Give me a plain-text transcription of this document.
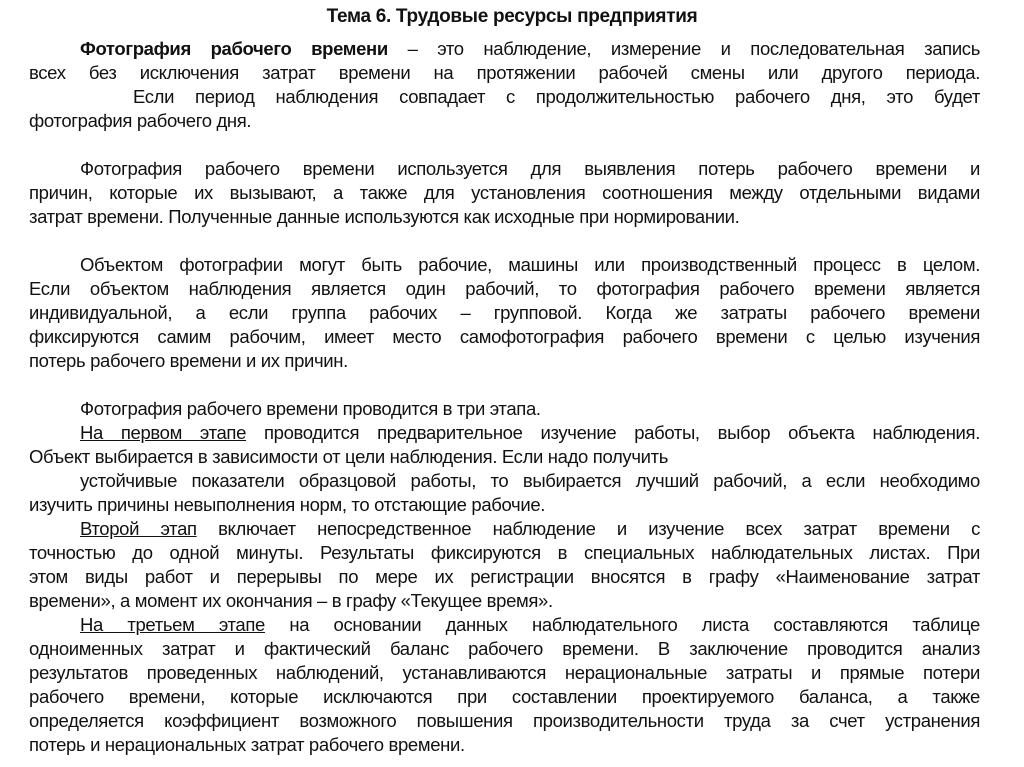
Тема 6. Трудовые ресурсы предприятия
Фотография рабочего времени – это наблюдение, измерение и последовательная запись
всех без исключения затрат времени на протяжении рабочей смены или другого периода.
Если период наблюдения совпадает с продолжительностью рабочего дня, это будет
фотография рабочего дня.
Фотография рабочего времени используется для выявления потерь рабочего времени и
причин, которые их вызывают, а также для установления соотношения между отдельными видами
затрат времени. Полученные данные используются как исходные при нормировании.
Объектом фотографии могут быть рабочие, машины или производственный процесс в целом.
Если объектом наблюдения является один рабочий, то фотография рабочего времени является
индивидуальной, а если группа рабочих – групповой. Когда же затраты рабочего времени
фиксируются самим рабочим, имеет место самофотография рабочего времени с целью изучения
потерь рабочего времени и их причин.
Фотография рабочего времени проводится в три этапа.
На первом этапе проводится предварительное изучение работы, выбор объекта наблюдения.
Объект выбирается в зависимости от цели наблюдения. Если надо получить
устойчивые показатели образцовой работы, то выбирается лучший рабочий, а если необходимо
изучить причины невыполнения норм, то отстающие рабочие.
Второй этап включает непосредственное наблюдение и изучение всех затрат времени с
точностью до одной минуты. Результаты фиксируются в специальных наблюдательных листах. При
этом виды работ и перерывы по мере их регистрации вносятся в графу «Наименование затрат
времени», а момент их окончания – в графу «Текущее время».
На третьем этапе на основании данных наблюдательного листа составляются таблице
одноименных затрат и фактический баланс рабочего времени. В заключение проводится анализ
результатов проведенных наблюдений, устанавливаются нерациональные затраты и прямые потери
рабочего времени, которые исключаются при составлении проектируемого баланса, а также
определяется коэффициент возможного повышения производительности труда за счет устранения
потерь и нерациональных затрат рабочего времени.
